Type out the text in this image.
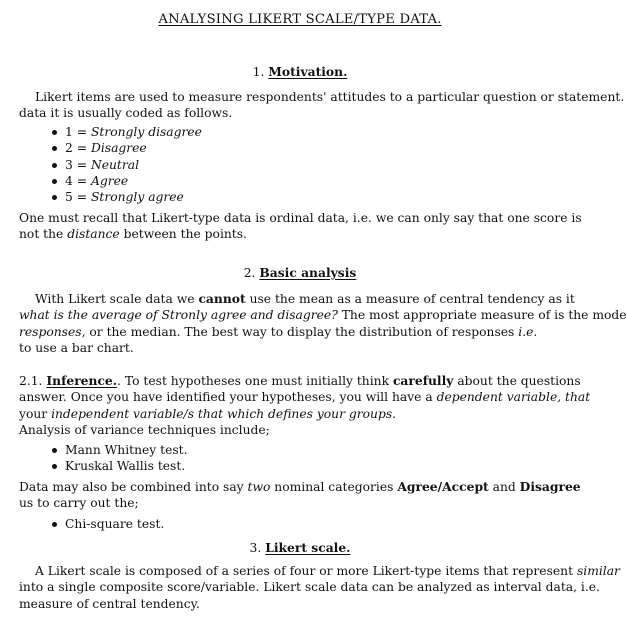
ANALYSING LIKERT SCALE/TYPE DATA.
1. Motivation.

Likert items are used to measure respondents' attitudes to a particular question or statement.

data it is usually coded as follows.

1 = Strongly disagree
2 = Disagree
3 = Neutral
4 = Agree
5 = Strongly agree

One must recall that Likert-type data is ordinal data, i.e. we can only say that one score is

not the distance between the points.

2. Basic analysis

With Likert scale data we cannot use the mean as a measure of central tendency as it

what is the average of Stronly agree and disagree? The most appropriate measure of is the mode

responses, or the median. The best way to display the distribution of responses i.e.

to use a bar chart.

2.1. Inference.. To test hypotheses one must initially think carefully about the questions

answer. Once you have identified your hypotheses, you will have a dependent variable, that

your independent variable/s that which defines your groups.

Analysis of variance techniques include;

Mann Whitney test.
Kruskal Wallis test.

Data may also be combined into say two nominal categories Agree/Accept and Disagree

us to carry out the;

Chi-square test.
3. Likert scale.

A Likert scale is composed of a series of four or more Likert-type items that represent similar

into a single composite score/variable. Likert scale data can be analyzed as interval data, i.e.

measure of central tendency.
